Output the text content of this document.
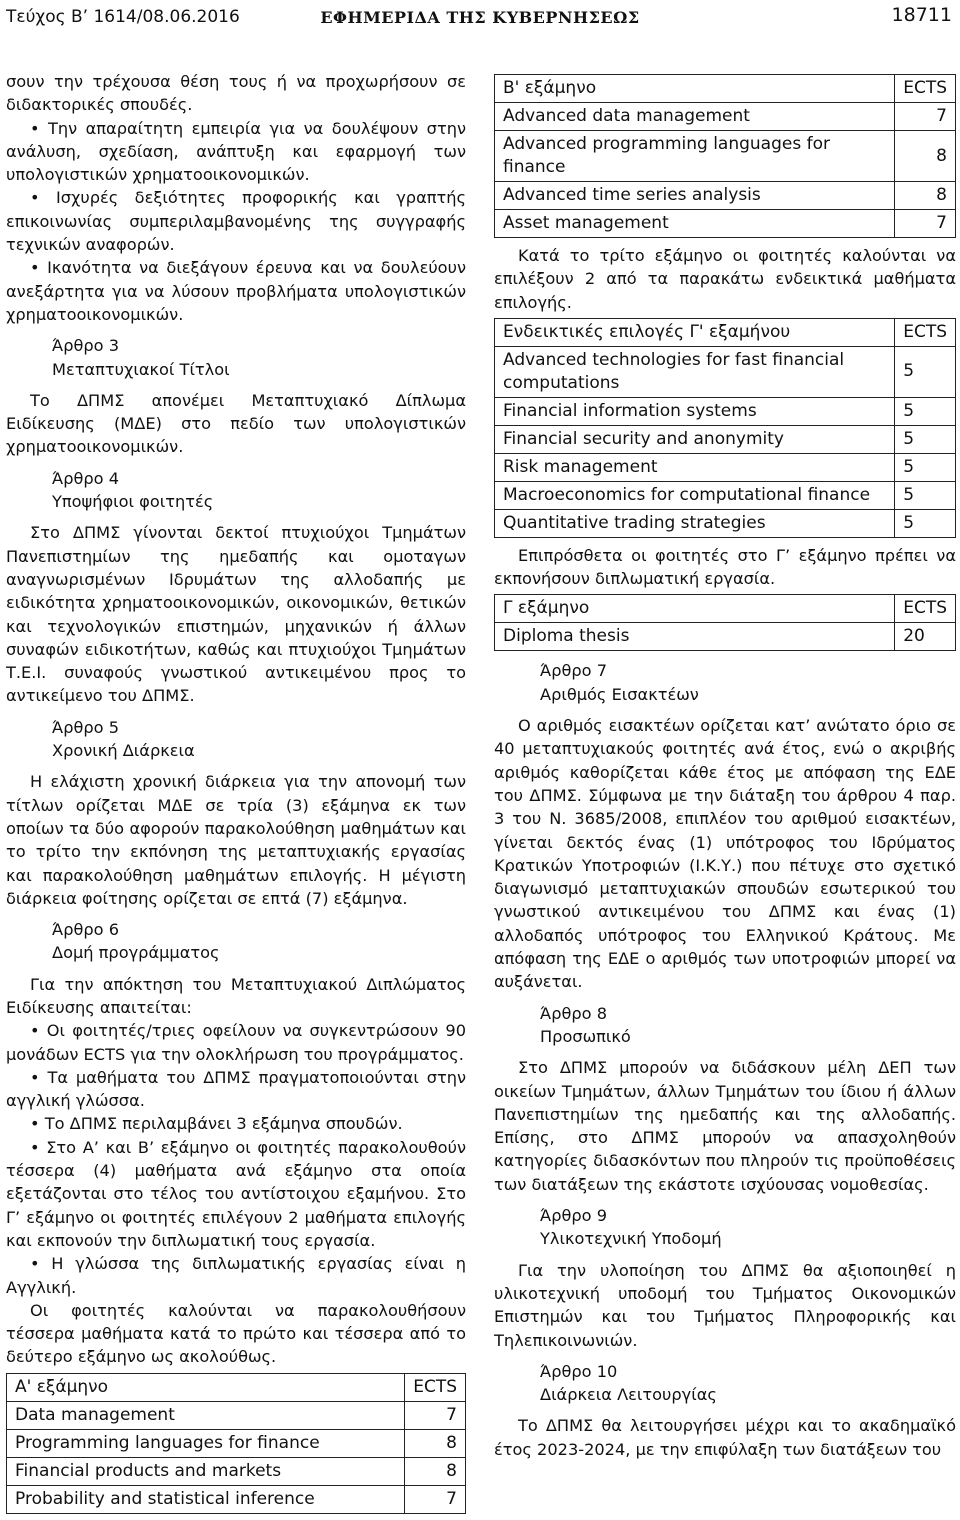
Τεύχος Β’ 1614/08.06.2016	ΕΦΗΜΕΡΙΔΑ ΤΗΣ ΚΥΒΕΡΝΗΣΕΩΣ	18711

σουν την τρέχουσα θέση τους ή να προχωρήσουν σε διδακτορικές σπουδές.

• Την απαραίτητη εμπειρία για να δουλέψουν στην ανάλυση, σχεδίαση, ανάπτυξη και εφαρμογή των υπολογιστικών χρηματοοικονομικών.

• Ισχυρές δεξιότητες προφορικής και γραπτής επικοινωνίας συμπεριλαμβανομένης της συγγραφής τεχνικών αναφορών.

• Ικανότητα να διεξάγουν έρευνα και να δουλεύουν ανεξάρτητα για να λύσουν προβλήματα υπολογιστικών χρηματοοικονομικών.

Άρθρο 3

Μεταπτυχιακοί Τίτλοι

Το ΔΠΜΣ απονέμει Μεταπτυχιακό Δίπλωμα Ειδίκευσης (ΜΔΕ) στο πεδίο των υπολογιστικών χρηματοοικονομικών.

Άρθρο 4

Υποψήφιοι φοιτητές

Στο ΔΠΜΣ γίνονται δεκτοί πτυχιούχοι Τμημάτων Πανεπιστημίων της ημεδαπής και ομοταγων αναγνωρισμένων Ιδρυμάτων της αλλοδαπής με ειδικότητα χρηματοοικονομικών, οικονομικών, θετικών και τεχνολογικών επιστημών, μηχανικών ή άλλων συναφών ειδικοτήτων, καθώς και πτυχιούχοι Τμημάτων Τ.Ε.Ι. συναφούς γνωστικού αντικειμένου προς το αντικείμενο του ΔΠΜΣ.

Άρθρο 5

Χρονική Διάρκεια

Η ελάχιστη χρονική διάρκεια για την απονομή των τίτλων ορίζεται ΜΔΕ σε τρία (3) εξάμηνα εκ των οποίων τα δύο αφορούν παρακολούθηση μαθημάτων και το τρίτο την εκπόνηση της μεταπτυχιακής εργασίας και παρακολούθηση μαθημάτων επιλογής. Η μέγιστη διάρκεια φοίτησης ορίζεται σε επτά (7) εξάμηνα.

Άρθρο 6

Δομή προγράμματος

Για την απόκτηση του Μεταπτυχιακού Διπλώματος Ειδίκευσης απαιτείται:

• Οι φοιτητές/τριες οφείλουν να συγκεντρώσουν 90 μονάδων ECTS για την ολοκλήρωση του προγράμματος.

• Τα μαθήματα του ΔΠΜΣ πραγματοποιούνται στην αγγλική γλώσσα.

• Το ΔΠΜΣ περιλαμβάνει 3 εξάμηνα σπουδών.

• Στο Α’ και Β’ εξάμηνο οι φοιτητές παρακολουθούν τέσσερα (4) μαθήματα ανά εξάμηνο στα οποία εξετάζονται στο τέλος του αντίστοιχου εξαμήνου. Στο Γ’ εξάμηνο οι φοιτητές επιλέγουν 2 μαθήματα επιλογής και εκπονούν την διπλωματική τους εργασία.

• Η γλώσσα της διπλωματικής εργασίας είναι η Αγγλική.

Οι φοιτητές καλούνται να παρακολουθήσουν τέσσερα μαθήματα κατά το πρώτο και τέσσερα από το δεύτερο εξάμηνο ως ακολούθως.

Α' εξάμηνο	ECTS
Data management	7
Programming languages for finance	8
Financial products and markets	8
Probability and statistical inference	7
Β' εξάμηνο	ECTS
Advanced data management	7
Advanced programming languages for finance	8
Advanced time series analysis	8
Asset management	7

Κατά το τρίτο εξάμηνο οι φοιτητές καλούνται να επιλέξουν 2 από τα παρακάτω ενδεικτικά μαθήματα επιλογής.

Ενδεικτικές επιλογές Γ' εξαμήνου	ECTS
Advanced technologies for fast financial computations	5
Financial information systems	5
Financial security and anonymity	5
Risk management	5
Macroeconomics for computational finance	5
Quantitative trading strategies	5

Επιπρόσθετα οι φοιτητές στο Γ’ εξάμηνο πρέπει να εκπονήσουν διπλωματική εργασία.

Γ εξάμηνο	ECTS
Diploma thesis	20

Άρθρο 7

Αριθμός Εισακτέων

Ο αριθμός εισακτέων ορίζεται κατ’ ανώτατο όριο σε 40 μεταπτυχιακούς φοιτητές ανά έτος, ενώ ο ακριβής αριθμός καθορίζεται κάθε έτος με απόφαση της ΕΔΕ του ΔΠΜΣ. Σύμφωνα με την διάταξη του άρθρου 4 παρ. 3 του Ν. 3685/2008, επιπλέον του αριθμού εισακτέων, γίνεται δεκτός ένας (1) υπότροφος του Ιδρύματος Κρατικών Υποτροφιών (Ι.Κ.Υ.) που πέτυχε στο σχετικό διαγωνισμό μεταπτυχιακών σπουδών εσωτερικού του γνωστικού αντικειμένου του ΔΠΜΣ και ένας (1) αλλοδαπός υπότροφος του Ελληνικού Κράτους. Με απόφαση της ΕΔΕ ο αριθμός των υποτροφιών μπορεί να αυξάνεται.

Άρθρο 8

Προσωπικό

Στο ΔΠΜΣ μπορούν να διδάσκουν μέλη ΔΕΠ των οικείων Τμημάτων, άλλων Τμημάτων του ίδιου ή άλλων Πανεπιστημίων της ημεδαπής και της αλλοδαπής. Επίσης, στο ΔΠΜΣ μπορούν να απασχοληθούν κατηγορίες διδασκόντων που πληρούν τις προϋποθέσεις των διατάξεων της εκάστοτε ισχύουσας νομοθεσίας.

Άρθρο 9

Υλικοτεχνική Υποδομή

Για την υλοποίηση του ΔΠΜΣ θα αξιοποιηθεί η υλικοτεχνική υποδομή του Τμήματος Οικονομικών Επιστημών και του Τμήματος Πληροφορικής και Τηλεπικοινωνιών.

Άρθρο 10

Διάρκεια Λειτουργίας

Το ΔΠΜΣ θα λειτουργήσει μέχρι και το ακαδημαϊκό έτος 2023-2024, με την επιφύλαξη των διατάξεων του
